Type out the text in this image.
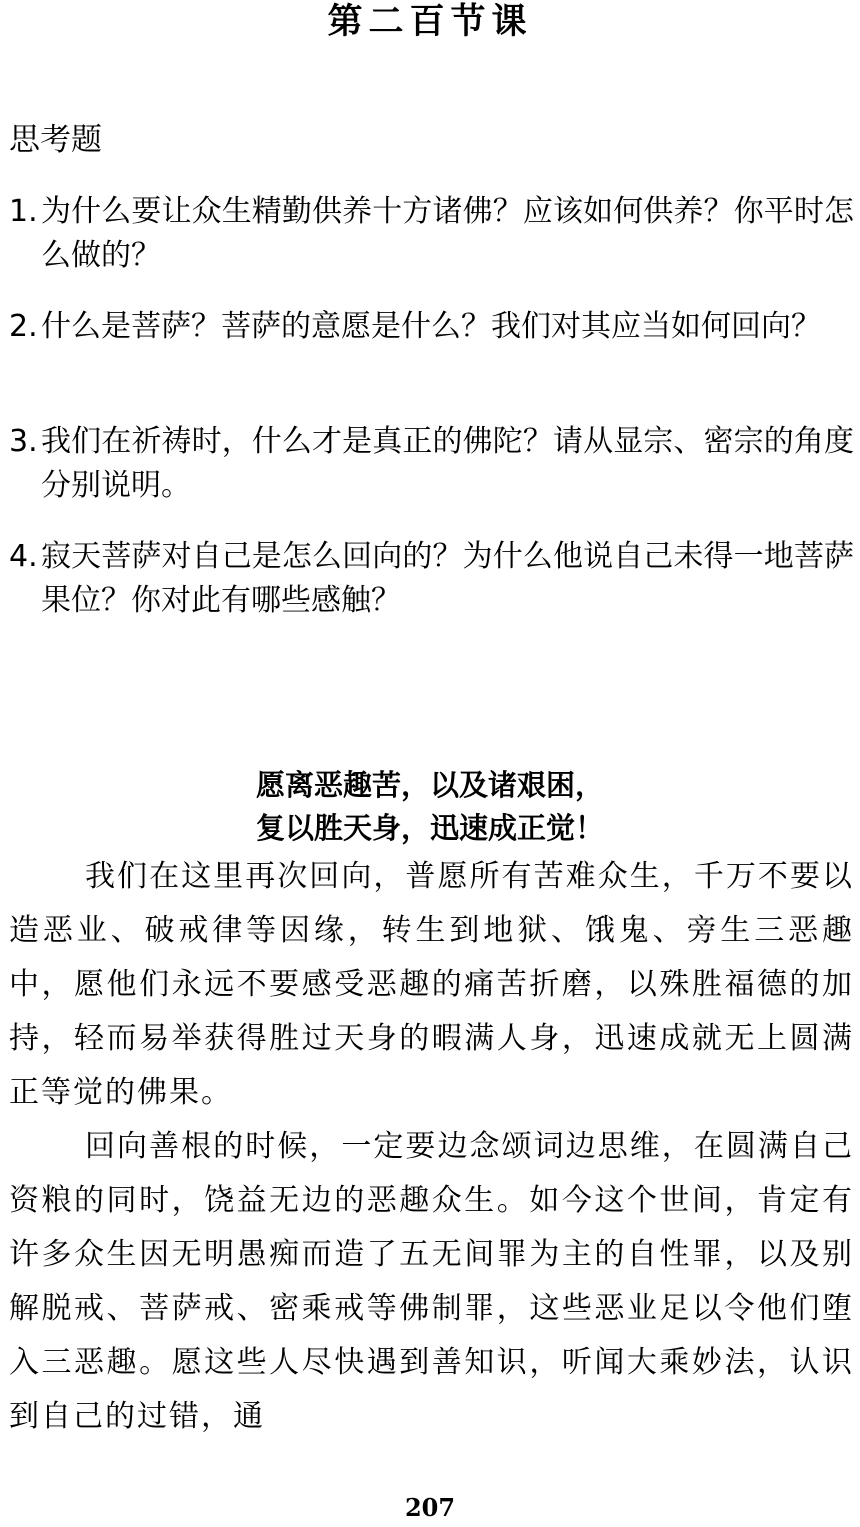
第二百节课
思考题
1. 为什么要让众生精勤供养十方诸佛？应该如何供养？你平时怎么做的？
2. 什么是菩萨？菩萨的意愿是什么？我们对其应当如何回向？
3. 我们在祈祷时，什么才是真正的佛陀？请从显宗、密宗的角度分别说明。
4. 寂天菩萨对自己是怎么回向的？为什么他说自己未得一地菩萨果位？你对此有哪些感触？
愿离恶趣苦，以及诸艰困，
复以胜天身，迅速成正觉！

我们在这里再次回向，普愿所有苦难众生，千万不要以造恶业、破戒律等因缘，转生到地狱、饿鬼、旁生三恶趣中，愿他们永远不要感受恶趣的痛苦折磨，以殊胜福德的加持，轻而易举获得胜过天身的暇满人身，迅速成就无上圆满正等觉的佛果。

回向善根的时候，一定要边念颂词边思维，在圆满自己资粮的同时，饶益无边的恶趣众生。如今这个世间，肯定有许多众生因无明愚痴而造了五无间罪为主的自性罪，以及别解脱戒、菩萨戒、密乘戒等佛制罪，这些恶业足以令他们堕入三恶趣。愿这些人尽快遇到善知识，听闻大乘妙法，认识到自己的过错，通

207
